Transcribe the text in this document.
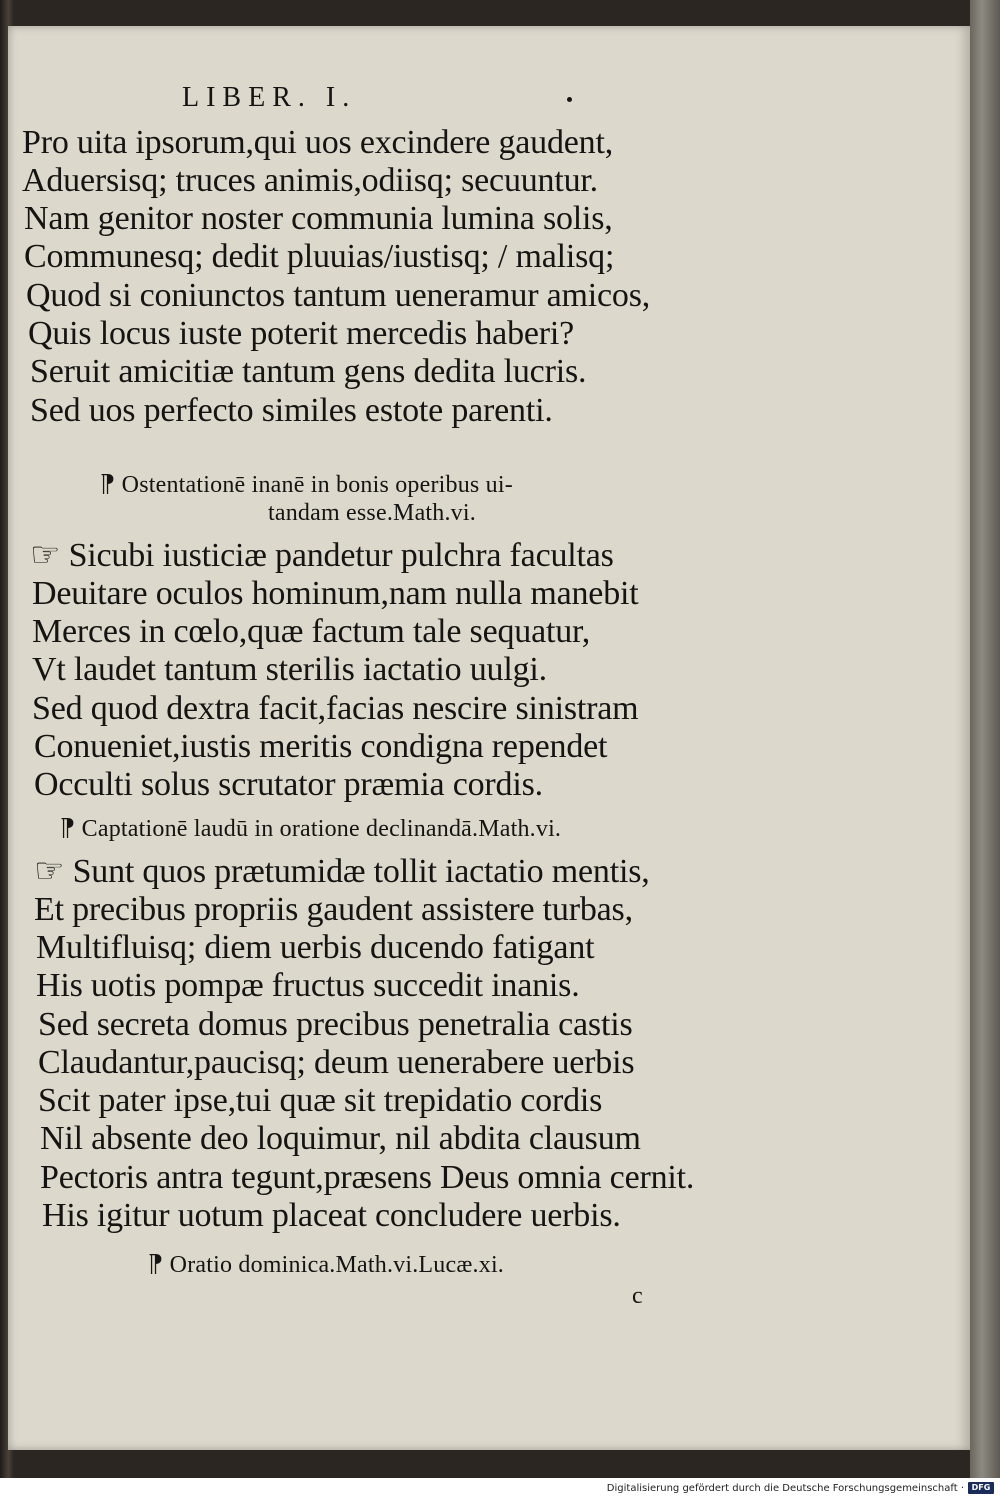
LIBER. I.
Pro uita ipsorum,qui uos excindere gaudent,
Aduersisq; truces animis,odiisq; secuuntur.
Nam genitor noster communia lumina solis,
Communesq; dedit pluuias/iustisq; / malisq;
Quod si coniunctos tantum ueneramur amicos,
Quis locus iuste poterit mercedis haberi?
Seruit amicitiæ tantum gens dedita lucris.
Sed uos perfecto similes estote parenti.
⁋ Ostentationē inanē in bonis operibus ui-
tandam esse.Math.vi.
☞ Sicubi iusticiæ pandetur pulchra facultas
Deuitare oculos hominum,nam nulla manebit
Merces in cœlo,quæ factum tale sequatur,
Vt laudet tantum sterilis iactatio uulgi.
Sed quod dextra facit,facias nescire sinistram
Conueniet,iustis meritis condigna rependet
Occulti solus scrutator præmia cordis.
⁋ Captationē laudū in oratione declinandā.Math.vi.
☞ Sunt quos prætumidæ tollit iactatio mentis,
Et precibus propriis gaudent assistere turbas,
Multifluisq; diem uerbis ducendo fatigant
His uotis pompæ fructus succedit inanis.
Sed secreta domus precibus penetralia castis
Claudantur,paucisq; deum uenerabere uerbis
Scit pater ipse,tui quæ sit trepidatio cordis
Nil absente deo loquimur, nil abdita clausum
Pectoris antra tegunt,præsens Deus omnia cernit.
His igitur uotum placeat concludere uerbis.
⁋ Oratio dominica.Math.vi.Lucæ.xi.
c
Digitalisierung gefördert durch die Deutsche Forschungsgemeinschaft · DFG
